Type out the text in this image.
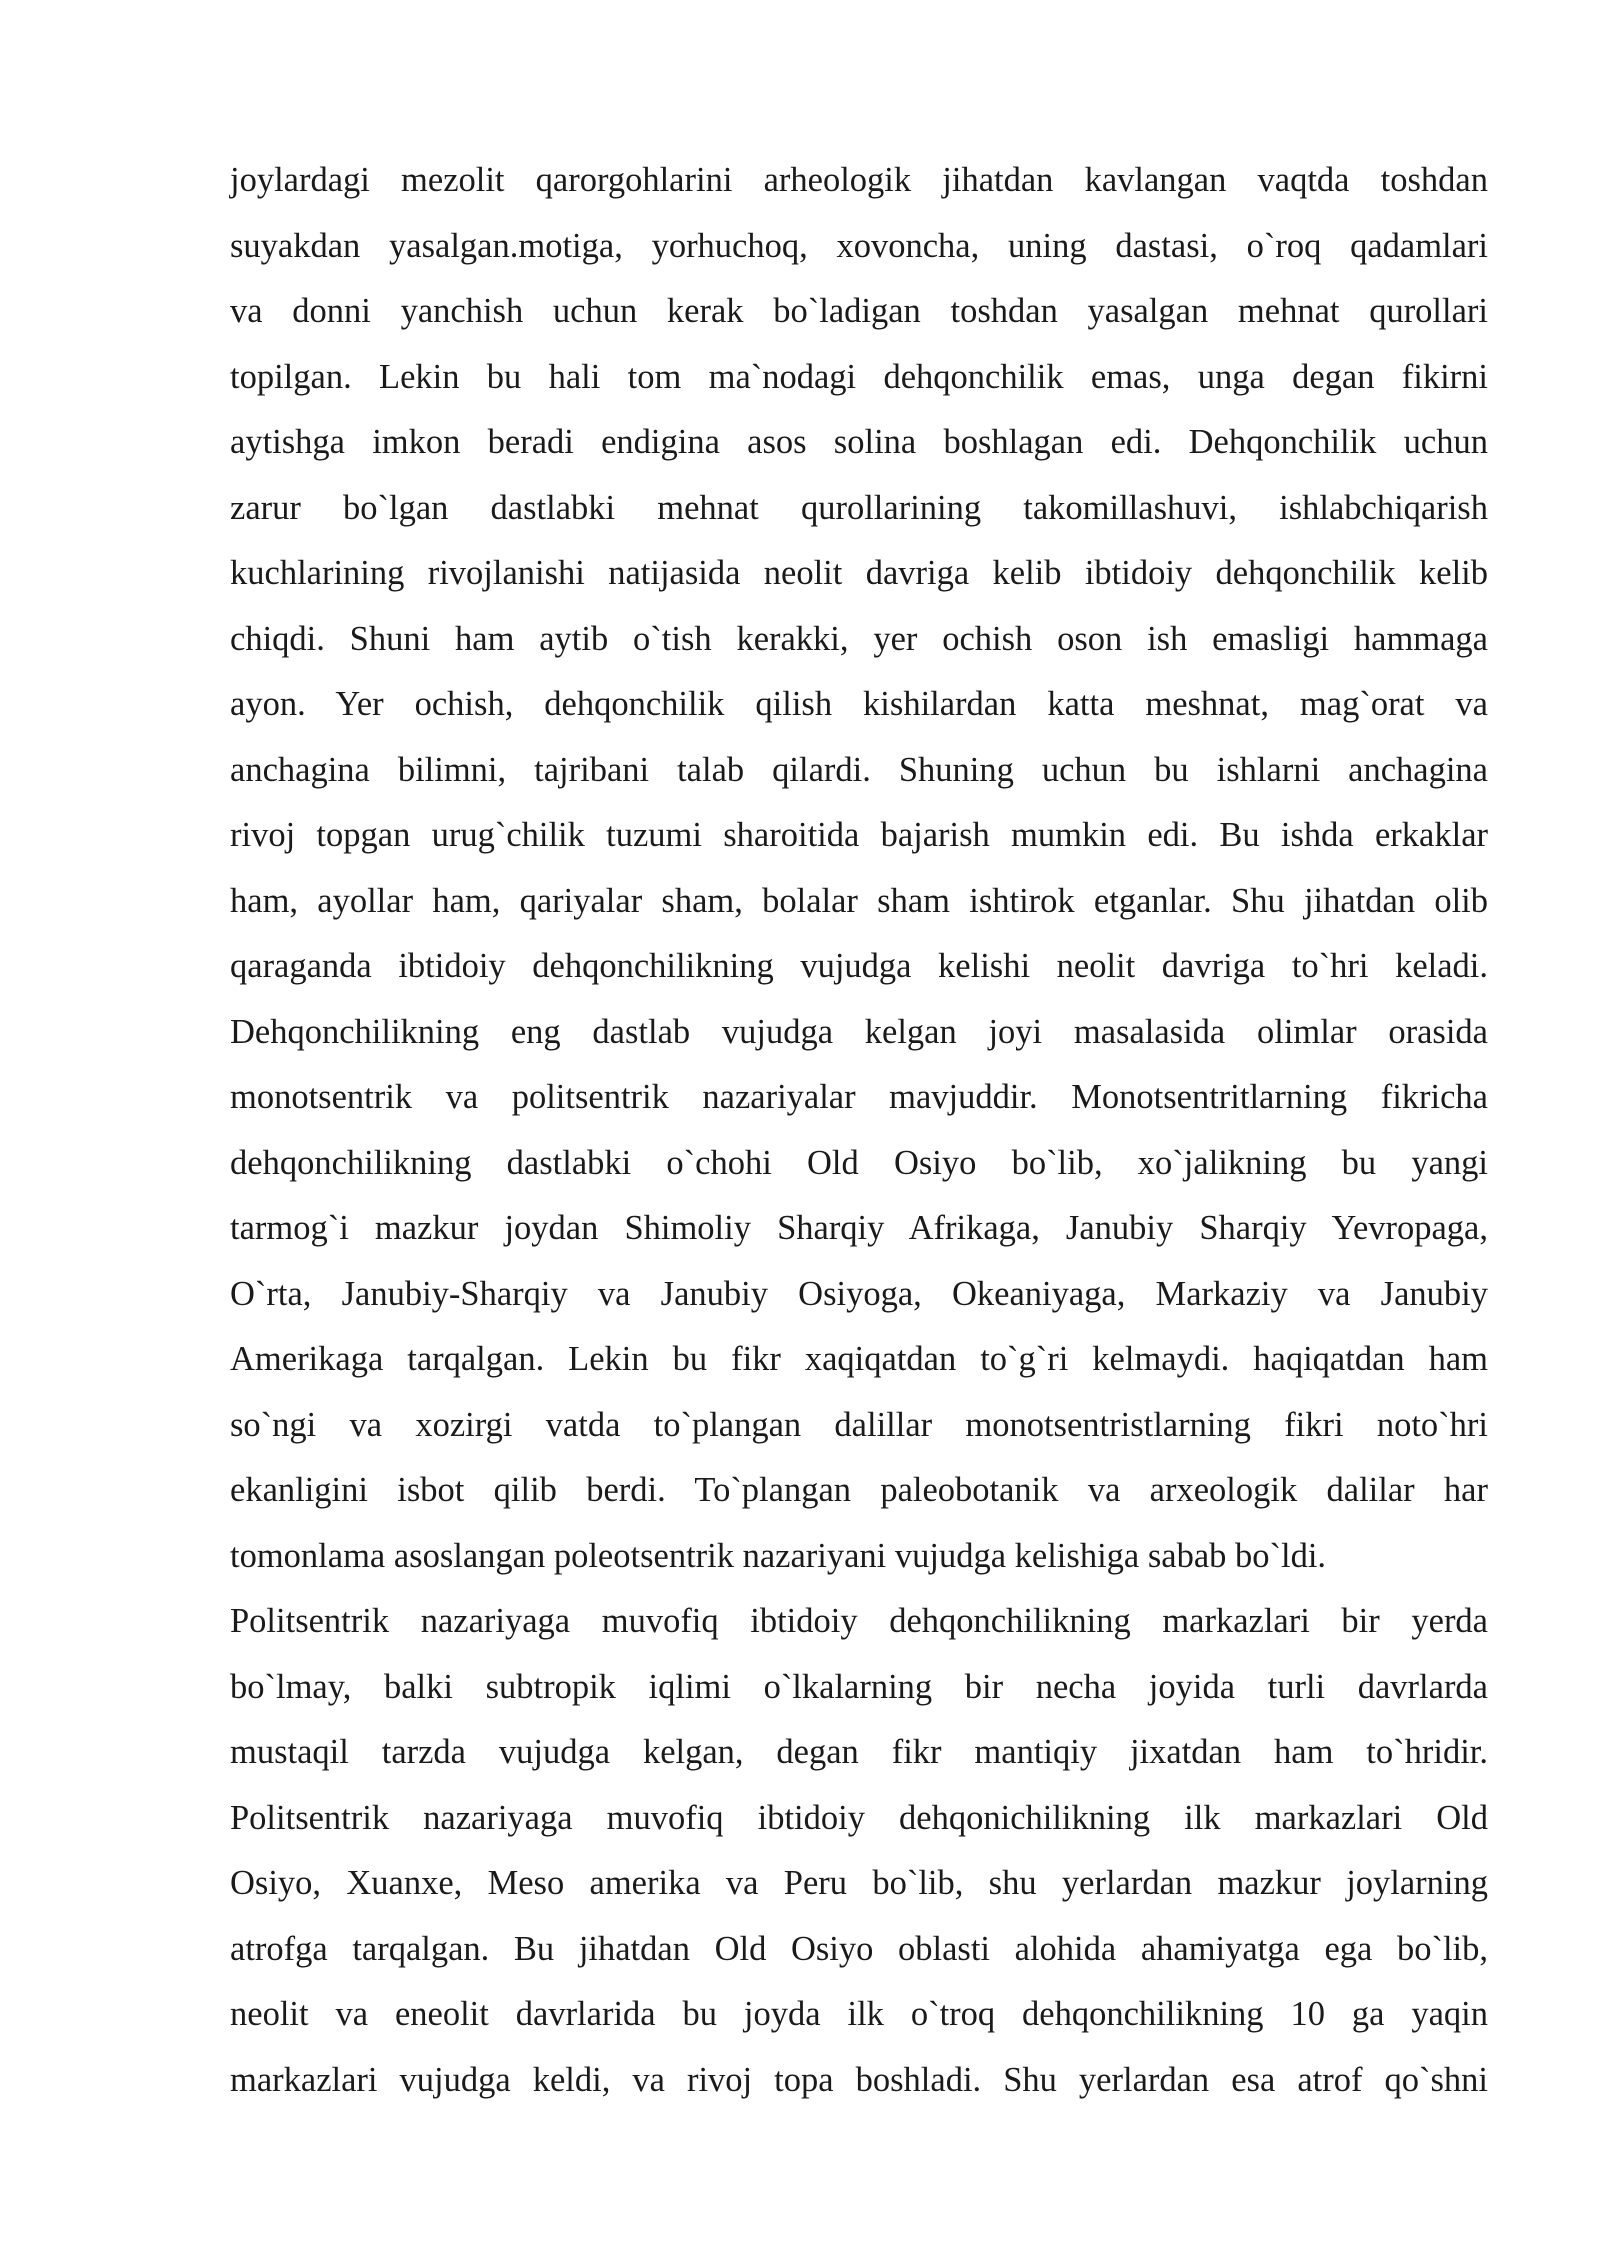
joylardagi mezolit qarorgohlarini arheologik jihatdan kavlangan vaqtda toshdan
suyakdan yasalgan.motiga, yorhuchoq, xovoncha, uning dastasi, o`roq qadamlari
va donni yanchish uchun kerak bo`ladigan toshdan yasalgan mehnat qurollari
topilgan. Lekin bu hali tom ma`nodagi dehqonchilik emas, unga degan fikirni
aytishga imkon beradi endigina asos solina boshlagan edi. Dehqonchilik uchun
zarur bo`lgan dastlabki mehnat qurollarining takomillashuvi, ishlabchiqarish
kuchlarining rivojlanishi natijasida neolit davriga kelib ibtidoiy dehqonchilik kelib
chiqdi. Shuni ham aytib o`tish kerakki, yer ochish oson ish emasligi hammaga
ayon. Yer ochish, dehqonchilik qilish kishilardan katta meshnat, mag`orat va
anchagina bilimni, tajribani talab qilardi. Shuning uchun bu ishlarni anchagina
rivoj topgan urug`chilik tuzumi sharoitida bajarish mumkin edi. Bu ishda erkaklar
ham, ayollar ham, qariyalar sham, bolalar sham ishtirok etganlar. Shu jihatdan olib
qaraganda ibtidoiy dehqonchilikning vujudga kelishi neolit davriga to`hri keladi.
Dehqonchilikning eng dastlab vujudga kelgan joyi masalasida olimlar orasida
monotsentrik va politsentrik nazariyalar mavjuddir. Monotsentritlarning fikricha
dehqonchilikning dastlabki o`chohi Old Osiyo bo`lib, xo`jalikning bu yangi
tarmog`i mazkur joydan Shimoliy Sharqiy Afrikaga, Janubiy Sharqiy Yevropaga,
O`rta, Janubiy-Sharqiy va Janubiy Osiyoga, Okeaniyaga, Markaziy va Janubiy
Amerikaga tarqalgan. Lekin bu fikr xaqiqatdan to`g`ri kelmaydi. haqiqatdan ham
so`ngi va xozirgi vatda to`plangan dalillar monotsentristlarning fikri noto`hri
ekanligini isbot qilib berdi. To`plangan paleobotanik va arxeologik dalilar har
tomonlama asoslangan poleotsentrik nazariyani vujudga kelishiga sabab bo`ldi.
Politsentrik nazariyaga muvofiq ibtidoiy dehqonchilikning markazlari bir yerda
bo`lmay, balki subtropik iqlimi o`lkalarning bir necha joyida turli davrlarda
mustaqil tarzda vujudga kelgan, degan fikr mantiqiy jixatdan ham to`hridir.
Politsentrik nazariyaga muvofiq ibtidoiy dehqonichilikning ilk markazlari Old
Osiyo, Xuanxe, Meso amerika va Peru bo`lib, shu yerlardan mazkur joylarning
atrofga tarqalgan. Bu jihatdan Old Osiyo oblasti alohida ahamiyatga ega bo`lib,
neolit va eneolit davrlarida bu joyda ilk o`troq dehqonchilikning 10 ga yaqin
markazlari vujudga keldi, va rivoj topa boshladi. Shu yerlardan esa atrof qo`shni
